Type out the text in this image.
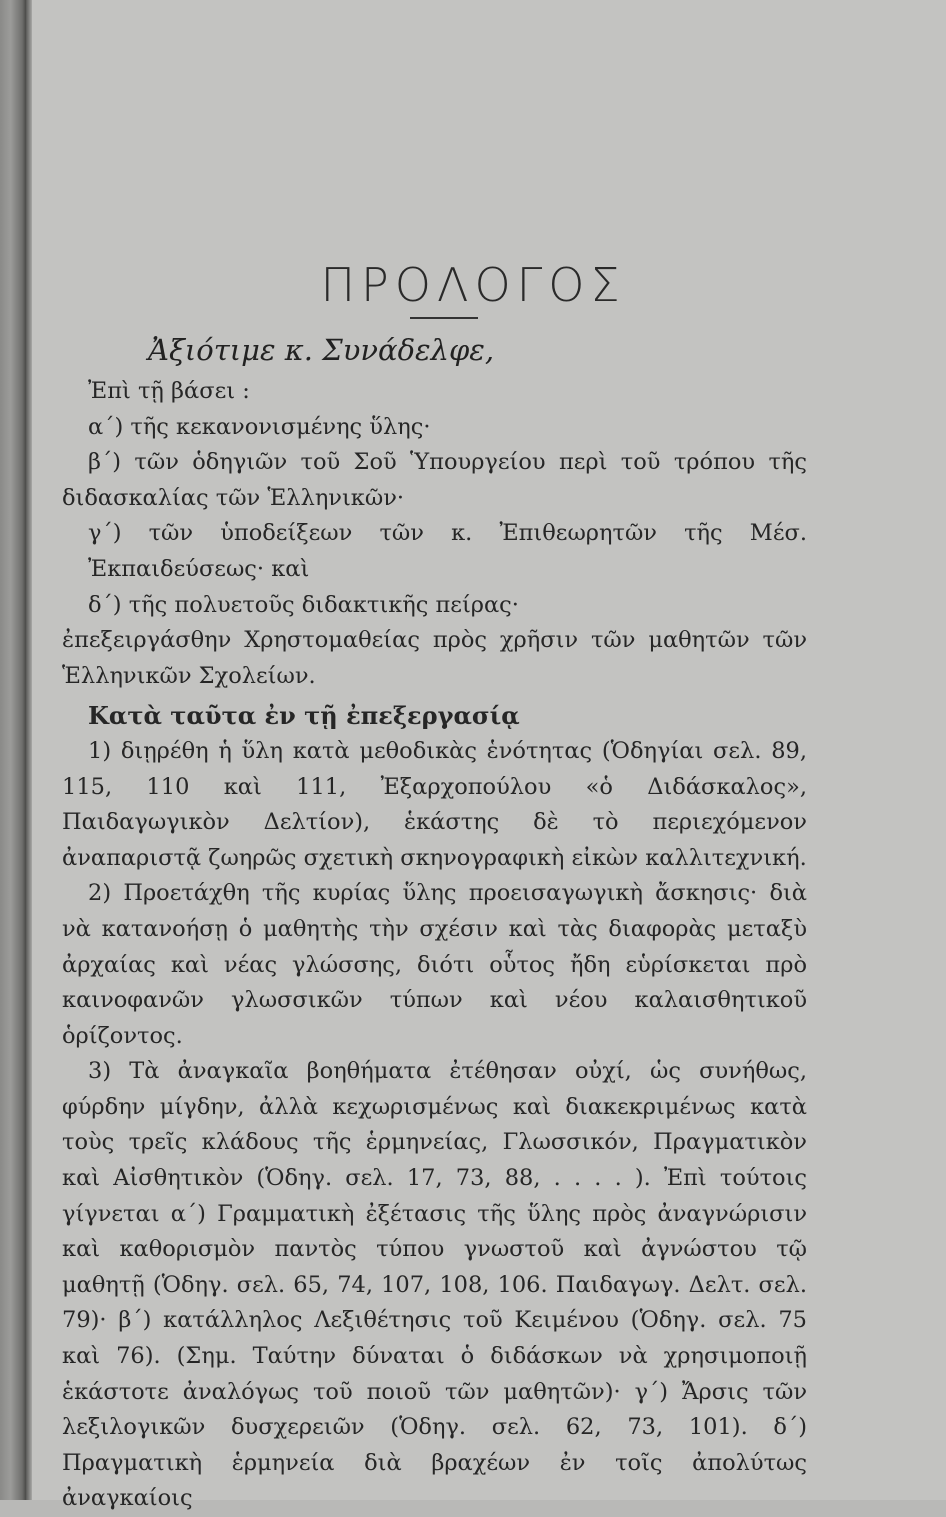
ΠΡΟΛΟΓΟΣ
Ἀξιότιμε κ. Συνάδελφε,

Ἐπὶ τῇ βάσει :

α΄) τῆς κεκανονισμένης ὕλης·

β΄) τῶν ὁδηγιῶν τοῦ Σοῦ Ὑπουργείου περὶ τοῦ τρόπου τῆς διδασκαλίας τῶν Ἑλληνικῶν·

γ΄) τῶν ὑποδείξεων τῶν κ. Ἐπιθεωρητῶν τῆς Μέσ. Ἐκπαιδεύσεως· καὶ

δ΄) τῆς πολυετοῦς διδακτικῆς πείρας·

ἐπεξειργάσθην Χρηστομαθείας πρὸς χρῆσιν τῶν μαθητῶν τῶν Ἑλληνικῶν Σχολείων.

Κατὰ ταῦτα ἐν τῇ ἐπεξεργασίᾳ

1) διῃρέθη ἡ ὕλη κατὰ μεθοδικὰς ἑνότητας (Ὁδηγίαι σελ. 89, 115, 110 καὶ 111, Ἐξαρχοπούλου «ὁ Διδάσκαλος», Παιδαγωγικὸν Δελτίον), ἑκάστης δὲ τὸ περιεχόμενον ἀναπαριστᾷ ζωηρῶς σχετικὴ σκηνογραφικὴ εἰκὼν καλλιτεχνική.

2) Προετάχθη τῆς κυρίας ὕλης προεισαγωγικὴ ἄσκησις· διὰ νὰ κατανοήσῃ ὁ μαθητὴς τὴν σχέσιν καὶ τὰς διαφορὰς μεταξὺ ἀρχαίας καὶ νέας γλώσσης, διότι οὗτος ἤδη εὑρίσκεται πρὸ καινοφανῶν γλωσσικῶν τύπων καὶ νέου καλαισθητικοῦ ὁρίζοντος.

3) Τὰ ἀναγκαῖα βοηθήματα ἐτέθησαν οὐχί, ὡς συνήθως, φύρδην μίγδην, ἀλλὰ κεχωρισμένως καὶ διακεκριμένως κατὰ τοὺς τρεῖς κλάδους τῆς ἑρμηνείας, Γλωσσικόν, Πραγματικὸν καὶ Αἰσθητικὸν (Ὁδηγ. σελ. 17, 73, 88, . . . . ). Ἐπὶ τούτοις γίγνεται α΄) Γραμματικὴ ἐξέτασις τῆς ὕλης πρὸς ἀναγνώρισιν καὶ καθορισμὸν παντὸς τύπου γνωστοῦ καὶ ἀγνώστου τῷ μαθητῇ (Ὁδηγ. σελ. 65, 74, 107, 108, 106. Παιδαγωγ. Δελτ. σελ. 79)· β΄) κατάλληλος Λεξιθέτησις τοῦ Κειμένου (Ὁδηγ. σελ. 75 καὶ 76). (Σημ. Ταύτην δύναται ὁ διδάσκων νὰ χρησιμοποιῇ ἑκάστοτε ἀναλόγως τοῦ ποιοῦ τῶν μαθητῶν)· γ΄) Ἄρσις τῶν λεξιλογικῶν δυσχερειῶν (Ὁδηγ. σελ. 62, 73, 101). δ΄) Πραγματικὴ ἑρμηνεία διὰ βραχέων ἐν τοῖς ἀπολύτως ἀναγκαίοις
